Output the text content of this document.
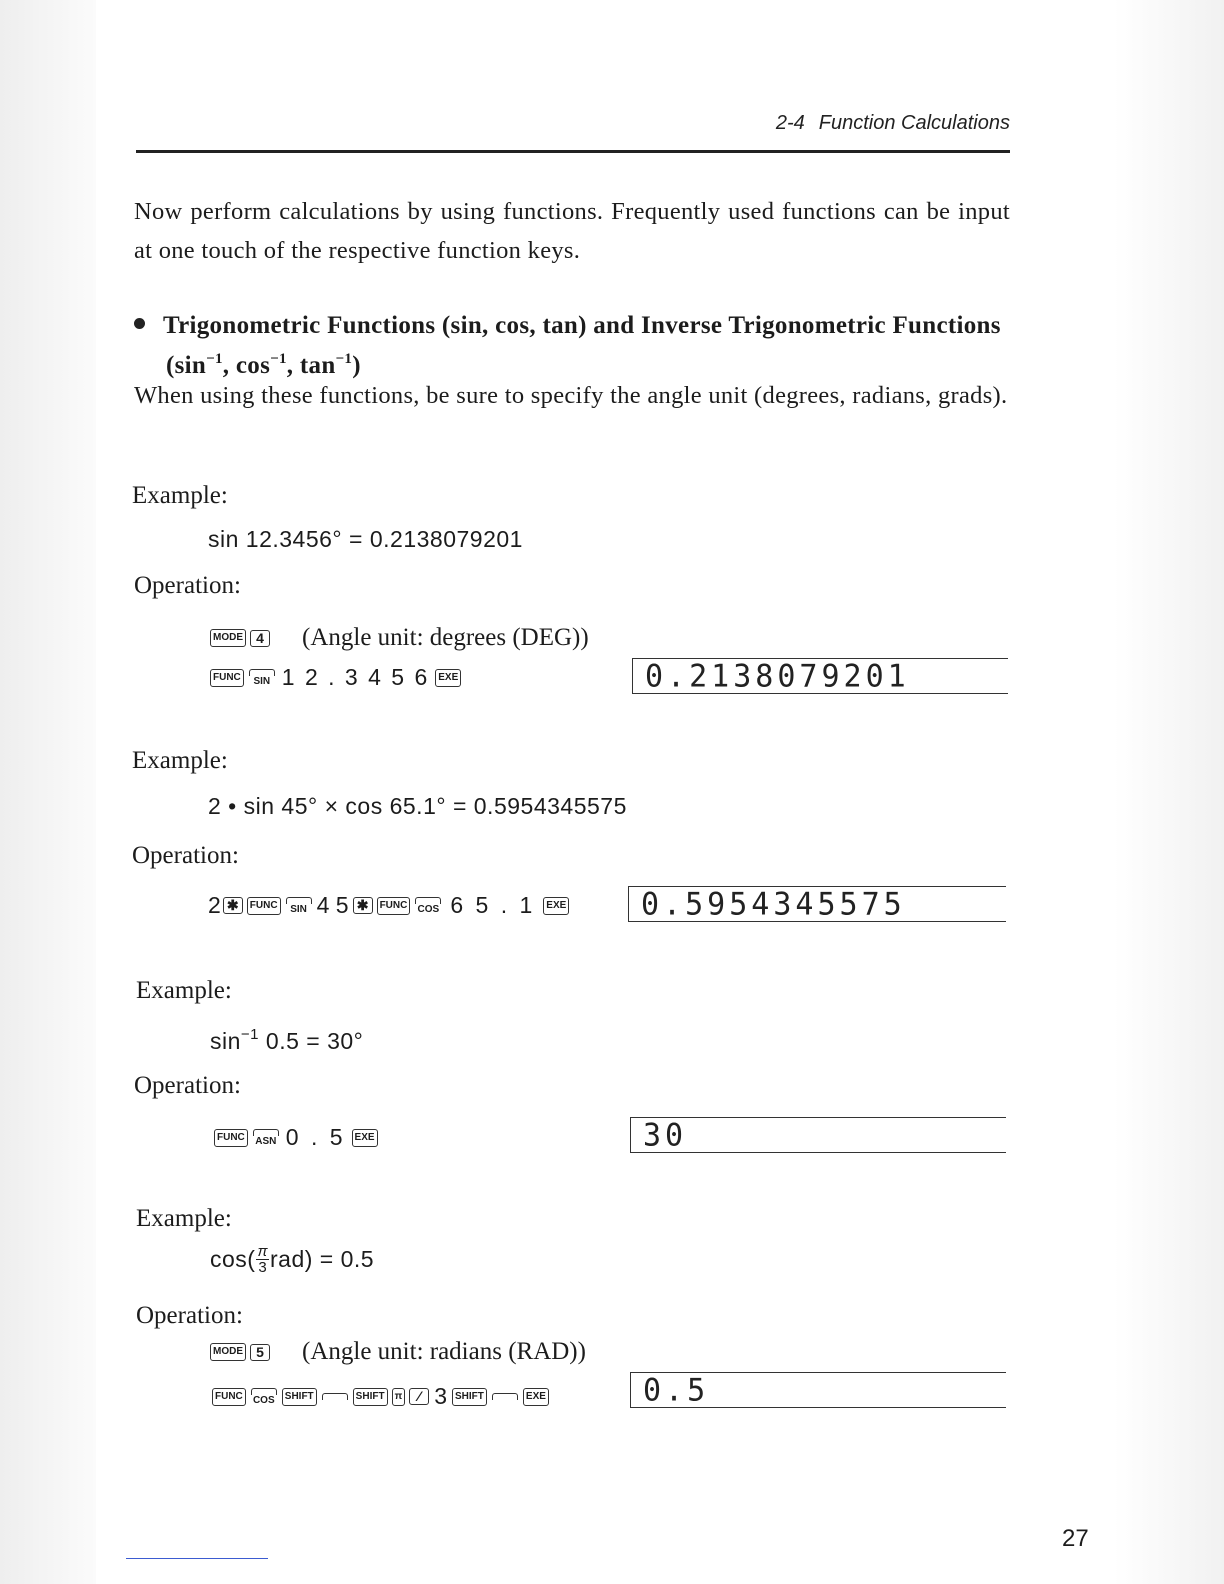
2-4 Function Calculations
Now perform calculations by using functions. Frequently used functions can be input at one touch of the respective function keys.
Trigonometric Functions (sin, cos, tan) and Inverse Trigonometric Functions
($\sin^{-1}$, $\cos^{-1}$, $\tan^{-1}$)
When using these functions, be sure to specify the angle unit (degrees, radians, grads).
Example:
sin 12.3456° = 0.2138079201
Operation:
MODE 4 (Angle unit: degrees (DEG))
FUNC	SIN 1 2 . 3 4 5 6 EXE	0.2138079201
Example:
2 • sin 45° × cos 65.1° = 0.5954345575
Operation:
2 ✱	FUNC	SIN 4 5 ✱	FUNC	COS 6 5 . 1	EXE	0.5954345575
Example:
$\sin^{-1} 0.5 = 30^\circ$
Operation:
FUNC	ASN 0 . 5 EXE	30
Example:
$\cos( \frac{\pi}{3} rad) = 0.5$
Operation:
MODE 5 (Angle unit: radians (RAD))
FUNC	COS	SHIFT	SHIFT	π	⁄ 3 SHIFT	EXE	0.5
27
